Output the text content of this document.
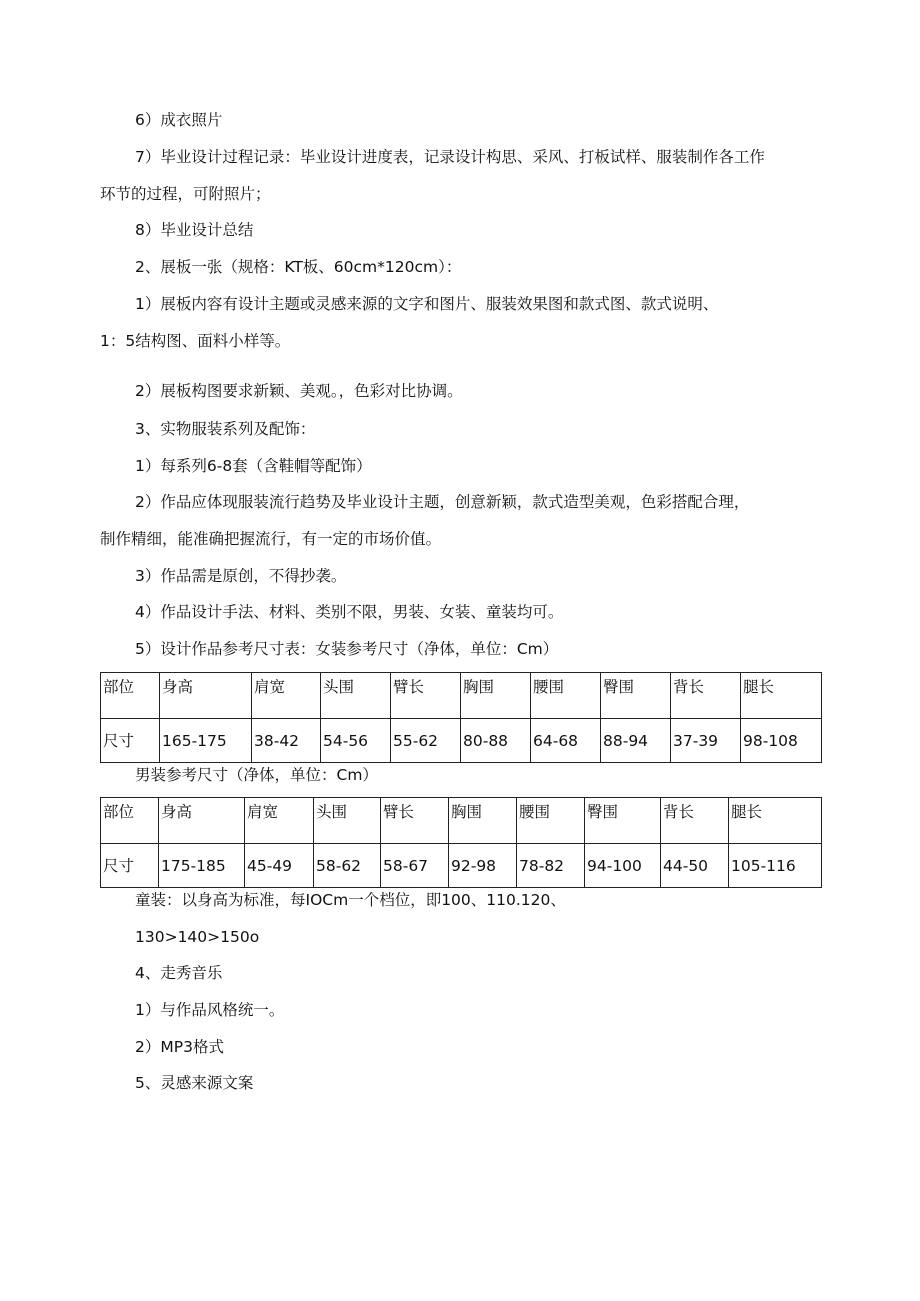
6）成衣照片
7）毕业设计过程记录：毕业设计进度表，记录设计构思、采风、打板试样、服装制作各工作
环节的过程，可附照片；
8）毕业设计总结
2、展板一张（规格：KT板、60cm*120cm）：
1）展板内容有设计主题或灵感来源的文字和图片、服装效果图和款式图、款式说明、
1：5结构图、面料小样等。
2）展板构图要求新颖、美观。，色彩对比协调。
3、实物服装系列及配饰：
1）每系列6-8套（含鞋帽等配饰）
2）作品应体现服装流行趋势及毕业设计主题，创意新颖，款式造型美观，色彩搭配合理，
制作精细，能准确把握流行，有一定的市场价值。
3）作品需是原创，不得抄袭。
4）作品设计手法、材料、类别不限，男装、女装、童装均可。
5）设计作品参考尺寸表：女装参考尺寸（净体，单位：Cm）
部位	身高	肩宽	头围	臂长	胸围	腰围	臀围	背长	腿长
尺寸	165-175	38-42	54-56	55-62	80-88	64-68	88-94	37-39	98-108
男装参考尺寸（净体，单位：Cm）
部位	身高	肩宽	头围	臂长	胸围	腰围	臀围	背长	腿长
尺寸	175-185	45-49	58-62	58-67	92-98	78-82	94-100	44-50	105-116
童装：以身高为标准，每IOCm一个档位，即100、110.120、
130>140>150o
4、走秀音乐
1）与作品风格统一。
2）MP3格式
5、灵感来源文案
